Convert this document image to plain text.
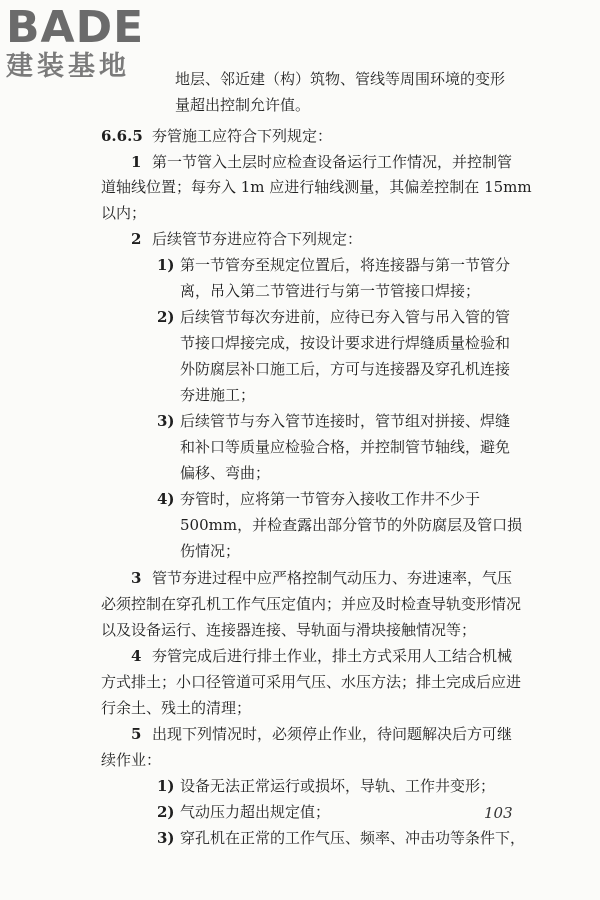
BADE
建装基地	地层、邻近建（构）筑物、管线等周围环境的变形
量超出控制允许值。
6.6.5 夯管施工应符合下列规定：
1 第一节管入土层时应检查设备运行工作情况，并控制管
道轴线位置；每夯入 1m 应进行轴线测量，其偏差控制在 15mm
以内；
2 后续管节夯进应符合下列规定：
1) 第一节管夯至规定位置后，将连接器与第一节管分
离，吊入第二节管进行与第一节管接口焊接；
2) 后续管节每次夯进前，应待已夯入管与吊入管的管
节接口焊接完成，按设计要求进行焊缝质量检验和
外防腐层补口施工后，方可与连接器及穿孔机连接
夯进施工；
3) 后续管节与夯入管节连接时，管节组对拼接、焊缝
和补口等质量应检验合格，并控制管节轴线，避免
偏移、弯曲；
4) 夯管时，应将第一节管夯入接收工作井不少于
500mm，并检查露出部分管节的外防腐层及管口损
伤情况；
3 管节夯进过程中应严格控制气动压力、夯进速率，气压
必须控制在穿孔机工作气压定值内；并应及时检查导轨变形情况
以及设备运行、连接器连接、导轨面与滑块接触情况等；
4 夯管完成后进行排土作业，排土方式采用人工结合机械
方式排土；小口径管道可采用气压、水压方法；排土完成后应进
行余土、残土的清理；
5 出现下列情况时，必须停止作业，待问题解决后方可继
续作业：
1) 设备无法正常运行或损坏，导轨、工作井变形；
2) 气动压力超出规定值；
3) 穿孔机在正常的工作气压、频率、冲击功等条件下，
103
